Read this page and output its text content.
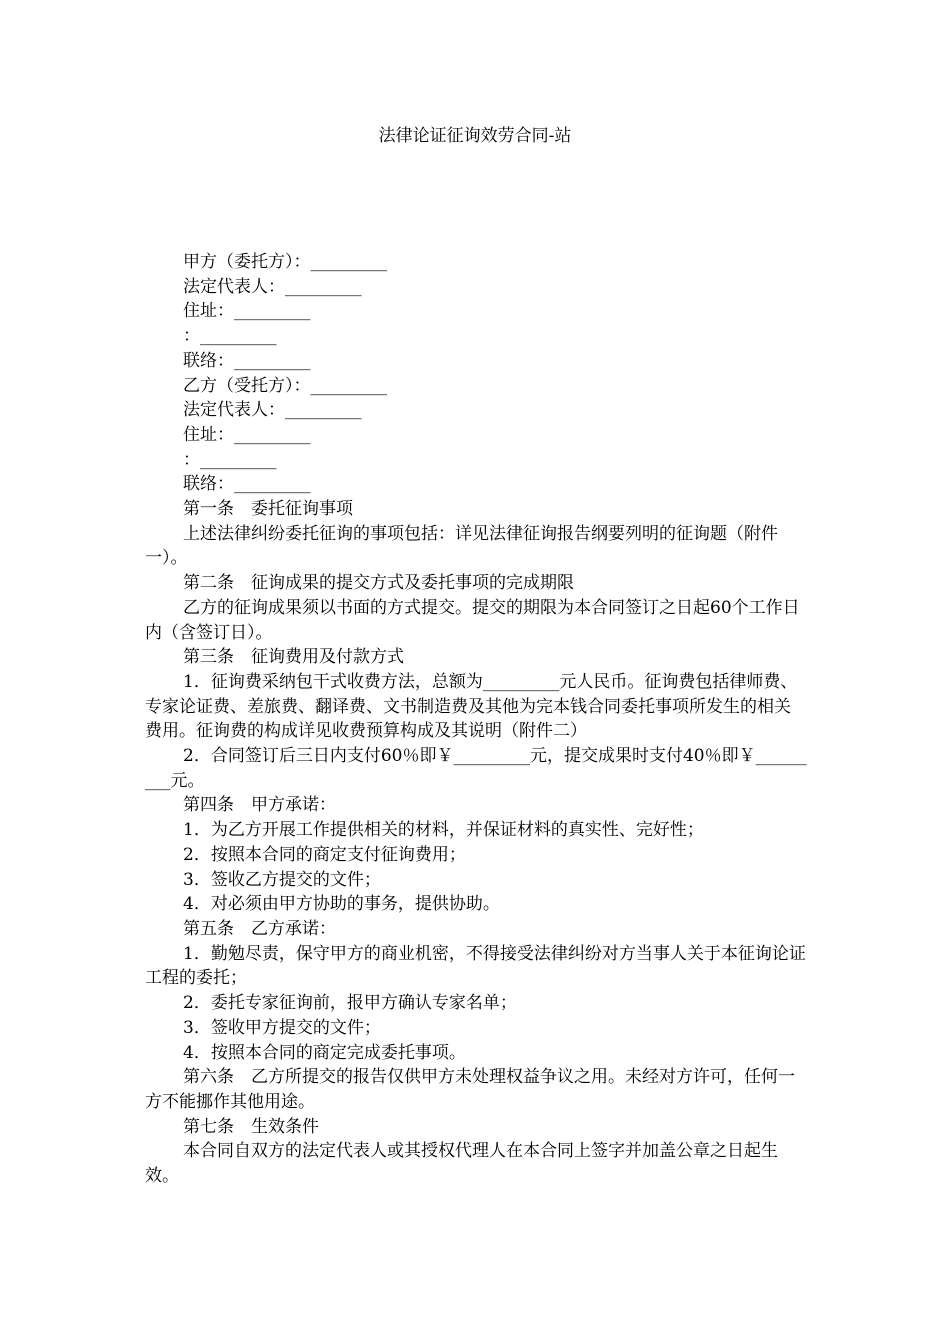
法律论证征询效劳合同-站

甲方（委托方）：_________

法定代表人：_________

住址：_________

：_________

联络：_________

乙方（受托方）：_________

法定代表人：_________

住址：_________

：_________

联络：_________

第一条　委托征询事项

上述法律纠纷委托征询的事项包括：详见法律征询报告纲要列明的征询题（附件一）。

第二条　征询成果的提交方式及委托事项的完成期限

乙方的征询成果须以书面的方式提交。提交的期限为本合同签订之日起60个工作日内（含签订日）。

第三条　征询费用及付款方式

1．征询费采纳包干式收费方法，总额为_________元人民币。征询费包括律师费、专家论证费、差旅费、翻译费、文书制造费及其他为完本钱合同委托事项所发生的相关费用。征询费的构成详见收费预算构成及其说明（附件二）

2．合同签订后三日内支付60％即￥_________元，提交成果时支付40％即￥_________元。

第四条　甲方承诺：

1．为乙方开展工作提供相关的材料，并保证材料的真实性、完好性；

2．按照本合同的商定支付征询费用；

3．签收乙方提交的文件；

4．对必须由甲方协助的事务，提供协助。

第五条　乙方承诺：

1．勤勉尽责，保守甲方的商业机密，不得接受法律纠纷对方当事人关于本征询论证工程的委托；

2．委托专家征询前，报甲方确认专家名单；

3．签收甲方提交的文件；

4．按照本合同的商定完成委托事项。

第六条　乙方所提交的报告仅供甲方未处理权益争议之用。未经对方许可，任何一方不能挪作其他用途。

第七条　生效条件

本合同自双方的法定代表人或其授权代理人在本合同上签字并加盖公章之日起生效。
